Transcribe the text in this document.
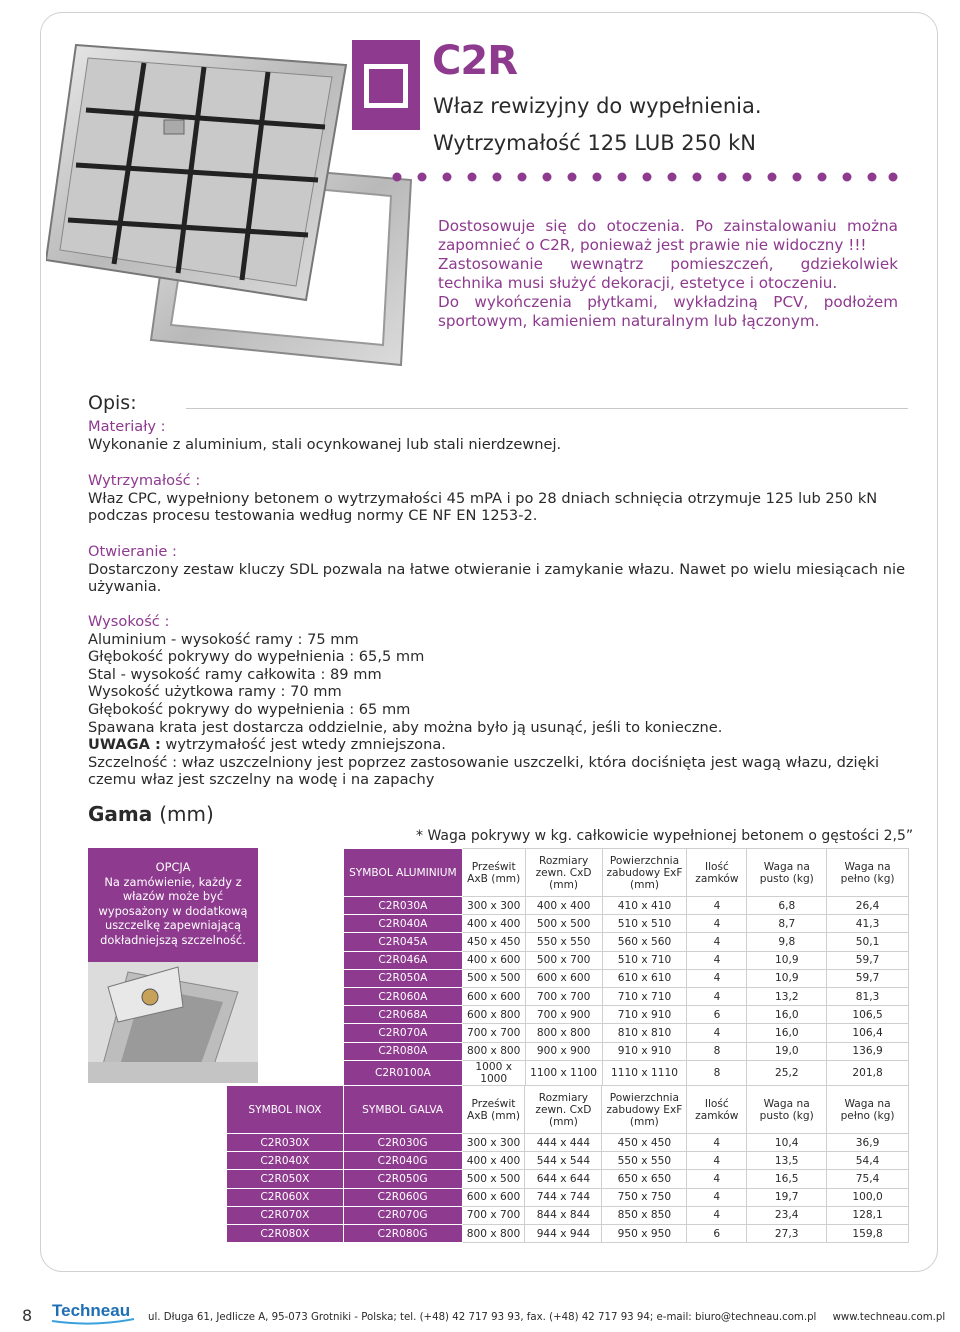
C2R
Właz rewizyjny do wypełnienia.
Wytrzymałość 125 LUB 250 kN

Dostosowuje się do otoczenia. Po zainstalowaniu można zapomnieć o C2R, ponieważ jest prawie nie widoczny !!!

Zastosowanie wewnątrz pomieszczeń, gdziekolwiek technika musi służyć dekoracji, estetyce i otoczeniu.

Do wykończenia płytkami, wykładziną PCV, podłożem sportowym, kamieniem naturalnym lub łączonym.

Opis:
Materiały :
Wykonanie z aluminium, stali ocynkowanej lub stali nierdzewnej.
Wytrzymałość :
Właz CPC, wypełniony betonem o wytrzymałości 45 mPA i po 28 dniach schnięcia otrzymuje 125 lub 250 kN podczas procesu testowania według normy CE NF EN 1253-2.
Otwieranie :
Dostarczony zestaw kluczy SDL pozwala na łatwe otwieranie i zamykanie włazu. Nawet po wielu miesiącach nie używania.
Wysokość :
Aluminium - wysokość ramy : 75 mm
Głębokość pokrywy do wypełnienia : 65,5 mm
Stal - wysokość ramy całkowita : 89 mm
Wysokość użytkowa ramy : 70 mm
Głębokość pokrywy do wypełnienia : 65 mm
Spawana krata jest dostarcza oddzielnie, aby można było ją usunąć, jeśli to konieczne.
UWAGA : wytrzymałość jest wtedy zmniejszona.
Szczelność : właz uszczelniony jest poprzez zastosowanie uszczelki, która dociśnięta jest wagą włazu, dzięki czemu właz jest szczelny na wodę i na zapachy
Gama (mm)
* Waga pokrywy w kg. całkowicie wypełnionej betonem o gęstości 2,5”
OPCJA
Na zamówienie, każdy z włazów może być wyposażony w dodatkową uszczelkę zapewniającą dokładniejszą szczelność.
SYMBOL ALUMINIUM	Prześwit AxB (mm)	Rozmiary zewn. CxD (mm)	Powierzchnia zabudowy ExF (mm)	Ilość zamków	Waga na pusto (kg)	Waga na pełno (kg)
C2R030A	300 x 300	400 x 400	410 x 410	4	6,8	26,4
C2R040A	400 x 400	500 x 500	510 x 510	4	8,7	41,3
C2R045A	450 x 450	550 x 550	560 x 560	4	9,8	50,1
C2R046A	400 x 600	500 x 700	510 x 710	4	10,9	59,7
C2R050A	500 x 500	600 x 600	610 x 610	4	10,9	59,7
C2R060A	600 x 600	700 x 700	710 x 710	4	13,2	81,3
C2R068A	600 x 800	700 x 900	710 x 910	6	16,0	106,5
C2R070A	700 x 700	800 x 800	810 x 810	4	16,0	106,4
C2R080A	800 x 800	900 x 900	910 x 910	8	19,0	136,9
C2R0100A	1000 x 1000	1100 x 1100	1110 x 1110	8	25,2	201,8
SYMBOL INOX	SYMBOL GALVA	Prześwit AxB (mm)	Rozmiary zewn. CxD (mm)	Powierzchnia zabudowy ExF (mm)	Ilość zamków	Waga na pusto (kg)	Waga na pełno (kg)
C2R030X	C2R030G	300 x 300	444 x 444	450 x 450	4	10,4	36,9
C2R040X	C2R040G	400 x 400	544 x 544	550 x 550	4	13,5	54,4
C2R050X	C2R050G	500 x 500	644 x 644	650 x 650	4	16,5	75,4
C2R060X	C2R060G	600 x 600	744 x 744	750 x 750	4	19,7	100,0
C2R070X	C2R070G	700 x 700	844 x 844	850 x 850	4	23,4	128,1
C2R080X	C2R080G	800 x 800	944 x 944	950 x 950	6	27,3	159,8
8 Techneau ul. Długa 61, Jedlicze A, 95-073 Grotniki - Polska; tel. (+48) 42 717 93 93, fax. (+48) 42 717 93 94; e-mail: biuro@techneau.com.pl www.techneau.com.pl
